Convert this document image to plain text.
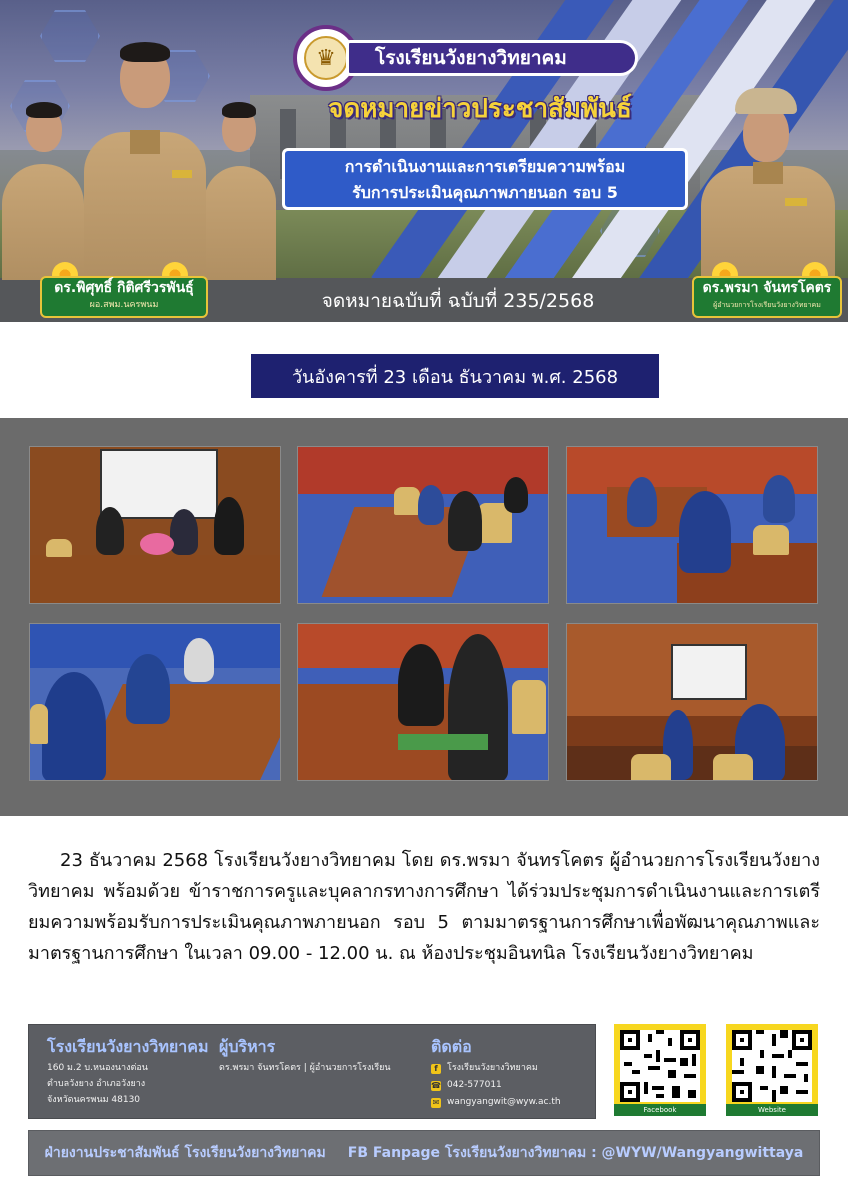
♛	โรงเรียนวังยางวิทยาคม
จดหมายข่าวประชาสัมพันธ์
การดำเนินงานและการเตรียมความพร้อม
รับการประเมินคุณภาพภายนอก รอบ 5
จดหมายฉบับที่ ฉบับที่ 235/2568
ดร.พิศุทธิ์ กิติศรีวรพันธุ์
ผอ.สพม.นครพนม
ดร.พรมา จันทรโคตร
ผู้อำนวยการโรงเรียนวังยางวิทยาคม
วันอังคารที่ 23 เดือน ธันวาคม พ.ศ. 2568
23 ธันวาคม 2568 โรงเรียนวังยางวิทยาคม โดย ดร.พรมา จันทรโคตร ผู้อำนวยการโรงเรียนวังยางวิทยาคม พร้อมด้วย ข้าราชการครูและบุคลากรทางการศึกษา ได้ร่วมประชุมการดำเนินงานและการเตรียมความพร้อมรับการประเมินคุณภาพภายนอก รอบ 5 ตามมาตรฐานการศึกษาเพื่อพัฒนาคุณภาพและมาตรฐานการศึกษา ในเวลา 09.00 - 12.00 น. ณ ห้องประชุมอินทนิล โรงเรียนวังยางวิทยาคม
โรงเรียนวังยางวิทยาคม
160 ม.2 บ.หนองนางต่อน
ตำบลวังยาง อำเภอวังยาง
จังหวัดนครพนม 48130
ผู้บริหาร
ดร.พรมา จันทรโคตร | ผู้อำนวยการโรงเรียน
ติดต่อ
f	โรงเรียนวังยางวิทยาคม
☎ 042-577011
✉ wangyangwit@wyw.ac.th
Facebook	Website
ฝ่ายงานประชาสัมพันธ์ โรงเรียนวังยางวิทยาคม FB Fanpage โรงเรียนวังยางวิทยาคม : @WYW/Wangyangwittaya
